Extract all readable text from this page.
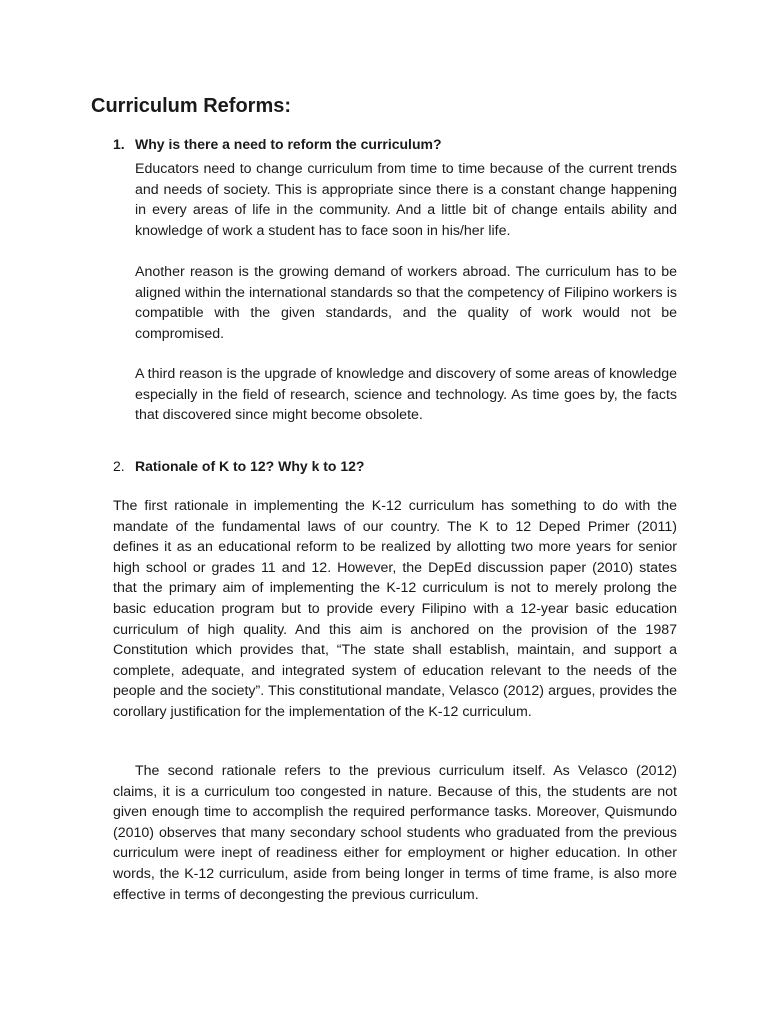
Curriculum Reforms:
1. Why is there a need to reform the curriculum?

Educators need to change curriculum from time to time because of the current trends and needs of society. This is appropriate since there is a constant change happening in every areas of life in the community. And a little bit of change entails ability and knowledge of work a student has to face soon in his/her life.

Another reason is the growing demand of workers abroad. The curriculum has to be aligned within the international standards so that the competency of Filipino workers is compatible with the given standards, and the quality of work would not be compromised.

A third reason is the upgrade of knowledge and discovery of some areas of knowledge especially in the field of research, science and technology. As time goes by, the facts that discovered since might become obsolete.

2. Rationale of K to 12? Why k to 12?

The first rationale in implementing the K-12 curriculum has something to do with the mandate of the fundamental laws of our country. The K to 12 Deped Primer (2011) defines it as an educational reform to be realized by allotting two more years for senior high school or grades 11 and 12. However, the DepEd discussion paper (2010) states that the primary aim of implementing the K-12 curriculum is not to merely prolong the basic education program but to provide every Filipino with a 12-year basic education curriculum of high quality. And this aim is anchored on the provision of the 1987 Constitution which provides that, “The state shall establish, maintain, and support a complete, adequate, and integrated system of education relevant to the needs of the people and the society”. This constitutional mandate, Velasco (2012) argues, provides the corollary justification for the implementation of the K-12 curriculum.

The second rationale refers to the previous curriculum itself. As Velasco (2012) claims, it is a curriculum too congested in nature. Because of this, the students are not given enough time to accomplish the required performance tasks. Moreover, Quismundo (2010) observes that many secondary school students who graduated from the previous curriculum were inept of readiness either for employment or higher education. In other words, the K-12 curriculum, aside from being longer in terms of time frame, is also more effective in terms of decongesting the previous curriculum.
